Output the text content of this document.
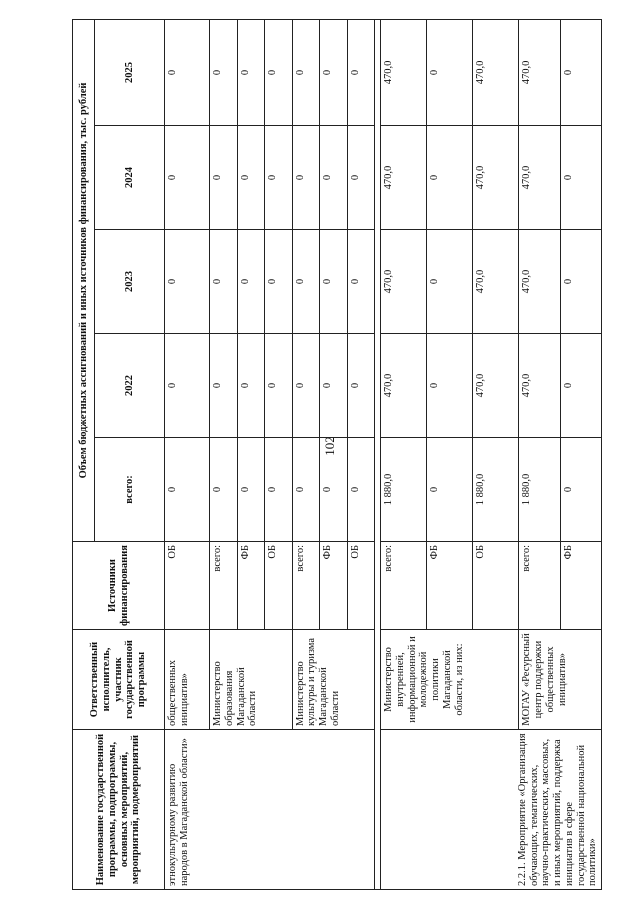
102
Наименование государственной программы, подпрограммы, основных мероприятий, мероприятий, подмероприятий	Ответственный исполнитель, участник государственной программы	Источники финансирования	Объем бюджетных ассигнований и иных источников финансирования, тыс. рублей				
			всего:	2022	2023	2024	2025
этнокультурному развитию народов в Магаданской области»	общественных инициатив»	ОБ	0	0	0	0	0
	Министерство образования Магаданской области	всего:	0	0	0	0	0
		ФБ	0	0	0	0	0
		ОБ	0	0	0	0	0
	Министерство культуры и туризма Магаданской области	всего:	0	0	0	0	0
		ФБ	0	0	0	0	0
		ОБ	0	0	0	0	0

2.2.1. Мероприятие «Организация обучающих, тематических, научно-практических, массовых, и иных мероприятий, поддержка инициатив в сфере государственной национальной политики»	Министерство внутренней, информационной и молодежной политики Магаданской области, из них:	всего:	1 880,0	470,0	470,0	470,0	470,0
		ФБ	0	0	0	0	0
		ОБ	1 880,0	470,0	470,0	470,0	470,0
	МОГАУ «Ресурсный центр поддержки общественных инициатив»	всего:	1 880,0	470,0	470,0	470,0	470,0
		ФБ	0	0	0	0	0
